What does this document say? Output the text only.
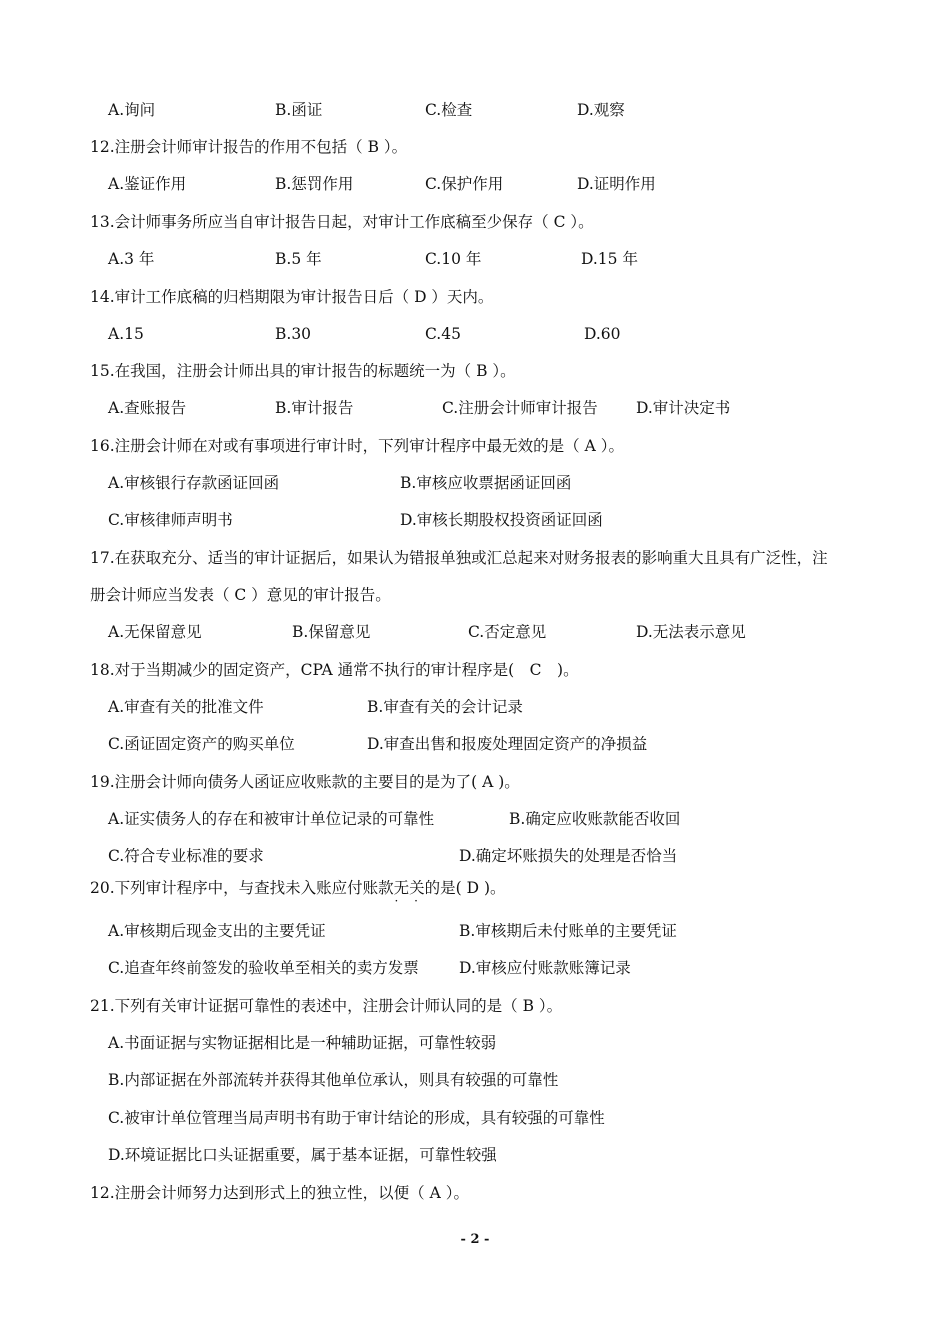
A.询问	B.函证	C.检查	D.观察
12.注册会计师审计报告的作用不包括（ B ）。
A.鉴证作用	B.惩罚作用	C.保护作用	D.证明作用
13.会计师事务所应当自审计报告日起，对审计工作底稿至少保存（ C ）。
A.3 年	B.5 年	C.10 年	D.15 年
14.审计工作底稿的归档期限为审计报告日后（ D ）天内。
A.15	B.30	C.45	D.60
15.在我国，注册会计师出具的审计报告的标题统一为（ B ）。
A.查账报告	B.审计报告	C.注册会计师审计报告 D.审计决定书
16.注册会计师在对或有事项进行审计时，下列审计程序中最无效的是（ A ）。
A.审核银行存款函证回函	B.审核应收票据函证回函
C.审核律师声明书	D.审核长期股权投资函证回函
17.在获取充分、适当的审计证据后，如果认为错报单独或汇总起来对财务报表的影响重大且具有广泛性，注
册会计师应当发表（ C ）意见的审计报告。
A.无保留意见	B.保留意见	C.否定意见	D.无法表示意见
18.对于当期减少的固定资产，CPA 通常不执行的审计程序是(　C　)。
A.审查有关的批准文件	B.审查有关的会计记录
C.函证固定资产的购买单位	D.审查出售和报废处理固定资产的净损益
19.注册会计师向债务人函证应收账款的主要目的是为了( A )。
A.证实债务人的存在和被审计单位记录的可靠性	B.确定应收账款能否收回
C.符合专业标准的要求	D.确定坏账损失的处理是否恰当
20.下列审计程序中，与查找未入账应付账款无关 · ·的是( D )。
A.审核期后现金支出的主要凭证	B.审核期后未付账单的主要凭证
C.追查年终前签发的验收单至相关的卖方发票	D.审核应付账款账簿记录
21.下列有关审计证据可靠性的表述中，注册会计师认同的是（ B ）。
A.书面证据与实物证据相比是一种辅助证据，可靠性较弱
B.内部证据在外部流转并获得其他单位承认，则具有较强的可靠性
C.被审计单位管理当局声明书有助于审计结论的形成，具有较强的可靠性
D.环境证据比口头证据重要，属于基本证据，可靠性较强
12.注册会计师努力达到形式上的独立性，以便（ A ）。
- 2 -
